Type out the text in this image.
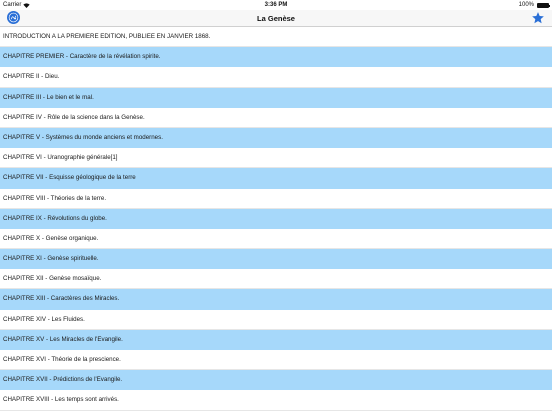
Carrier	3:36 PM	100%
La Genèse
INTRODUCTION A LA PREMIERE EDITION, PUBLIEE EN JANVIER 1868.
CHAPITRE PREMIER - Caractère de la révélation spirite.
CHAPITRE II - Dieu.
CHAPITRE III - Le bien et le mal.
CHAPITRE IV - Rôle de la science dans la Genèse.
CHAPITRE V - Systèmes du monde anciens et modernes.
CHAPITRE VI - Uranographie générale[1]
CHAPITRE VII - Esquisse géologique de la terre
CHAPITRE VIII - Théories de la terre.
CHAPITRE IX - Révolutions du globe.
CHAPITRE X - Genèse organique.
CHAPITRE XI - Genèse spirituelle.
CHAPITRE XII - Genèse mosaïque.
CHAPITRE XIII - Caractères des Miracles.
CHAPITRE XIV - Les Fluides.
CHAPITRE XV - Les Miracles de l'Evangile.
CHAPITRE XVI - Théorie de la prescience.
CHAPITRE XVII - Prédictions de l'Evangile.
CHAPITRE XVIII - Les temps sont arrivés.
